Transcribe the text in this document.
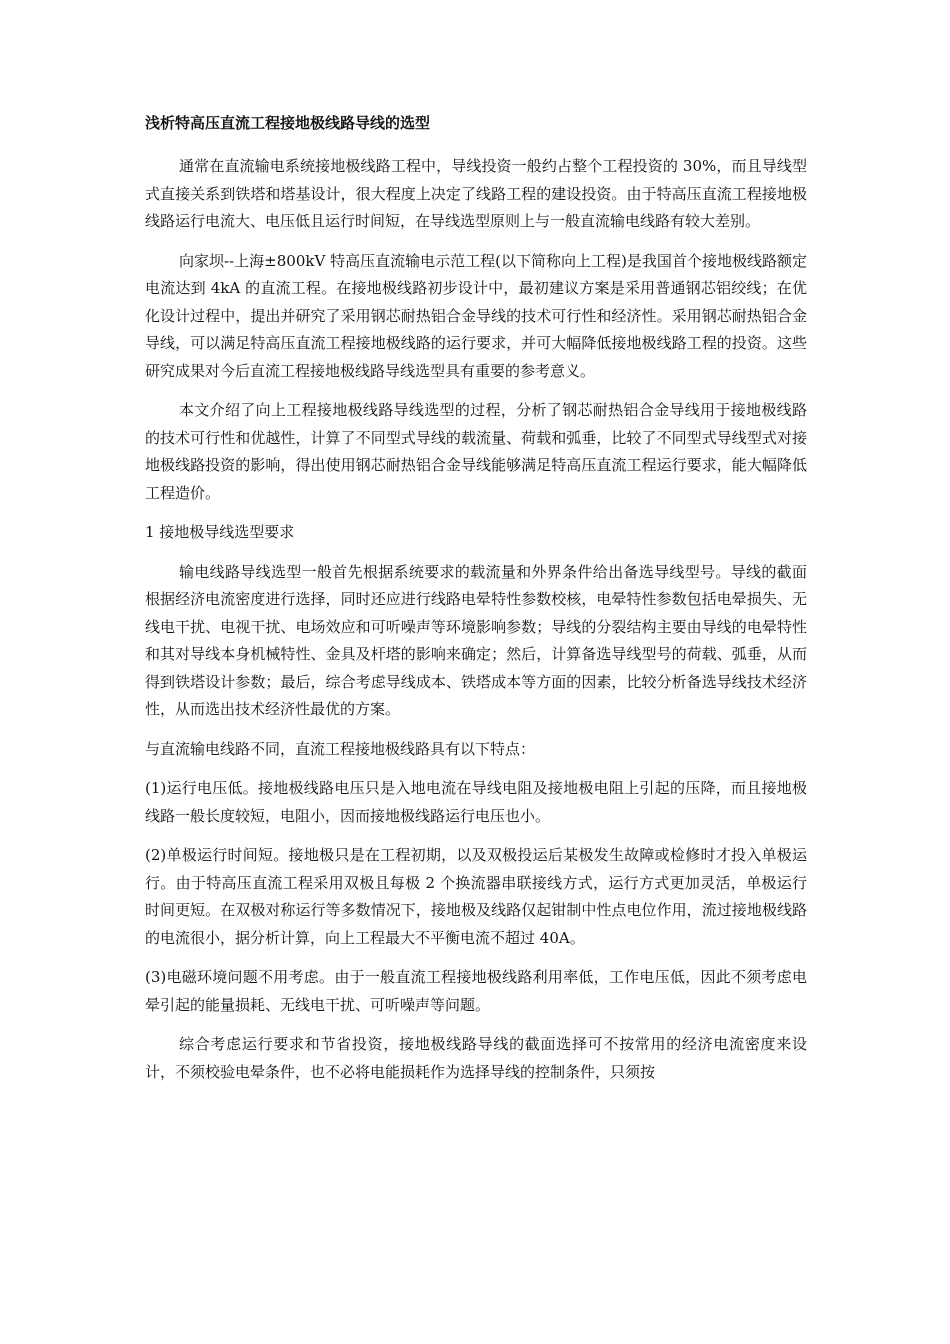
浅析特高压直流工程接地极线路导线的选型

通常在直流输电系统接地极线路工程中，导线投资一般约占整个工程投资的 30%，而且导线型式直接关系到铁塔和塔基设计，很大程度上决定了线路工程的建设投资。由于特高压直流工程接地极线路运行电流大、电压低且运行时间短，在导线选型原则上与一般直流输电线路有较大差别。

向家坝--上海±800kV 特高压直流输电示范工程(以下简称向上工程)是我国首个接地极线路额定电流达到 4kA 的直流工程。在接地极线路初步设计中，最初建议方案是采用普通钢芯铝绞线；在优化设计过程中，提出并研究了采用钢芯耐热铝合金导线的技术可行性和经济性。采用钢芯耐热铝合金导线，可以满足特高压直流工程接地极线路的运行要求，并可大幅降低接地极线路工程的投资。这些研究成果对今后直流工程接地极线路导线选型具有重要的参考意义。

本文介绍了向上工程接地极线路导线选型的过程，分析了钢芯耐热铝合金导线用于接地极线路的技术可行性和优越性，计算了不同型式导线的载流量、荷载和弧垂，比较了不同型式导线型式对接地极线路投资的影响，得出使用钢芯耐热铝合金导线能够满足特高压直流工程运行要求，能大幅降低工程造价。

1 接地极导线选型要求

输电线路导线选型一般首先根据系统要求的载流量和外界条件给出备选导线型号。导线的截面根据经济电流密度进行选择，同时还应进行线路电晕特性参数校核，电晕特性参数包括电晕损失、无线电干扰、电视干扰、电场效应和可听噪声等环境影响参数；导线的分裂结构主要由导线的电晕特性和其对导线本身机械特性、金具及杆塔的影响来确定；然后，计算备选导线型号的荷载、弧垂，从而得到铁塔设计参数；最后，综合考虑导线成本、铁塔成本等方面的因素，比较分析备选导线技术经济性，从而选出技术经济性最优的方案。

与直流输电线路不同，直流工程接地极线路具有以下特点：

(1)运行电压低。接地极线路电压只是入地电流在导线电阻及接地极电阻上引起的压降，而且接地极线路一般长度较短，电阻小，因而接地极线路运行电压也小。

(2)单极运行时间短。接地极只是在工程初期，以及双极投运后某极发生故障或检修时才投入单极运行。由于特高压直流工程采用双极且每极 2 个换流器串联接线方式，运行方式更加灵活，单极运行时间更短。在双极对称运行等多数情况下，接地极及线路仅起钳制中性点电位作用，流过接地极线路的电流很小，据分析计算，向上工程最大不平衡电流不超过 40A。

(3)电磁环境问题不用考虑。由于一般直流工程接地极线路利用率低，工作电压低，因此不须考虑电晕引起的能量损耗、无线电干扰、可听噪声等问题。

综合考虑运行要求和节省投资，接地极线路导线的截面选择可不按常用的经济电流密度来设计，不须校验电晕条件，也不必将电能损耗作为选择导线的控制条件，只须按
